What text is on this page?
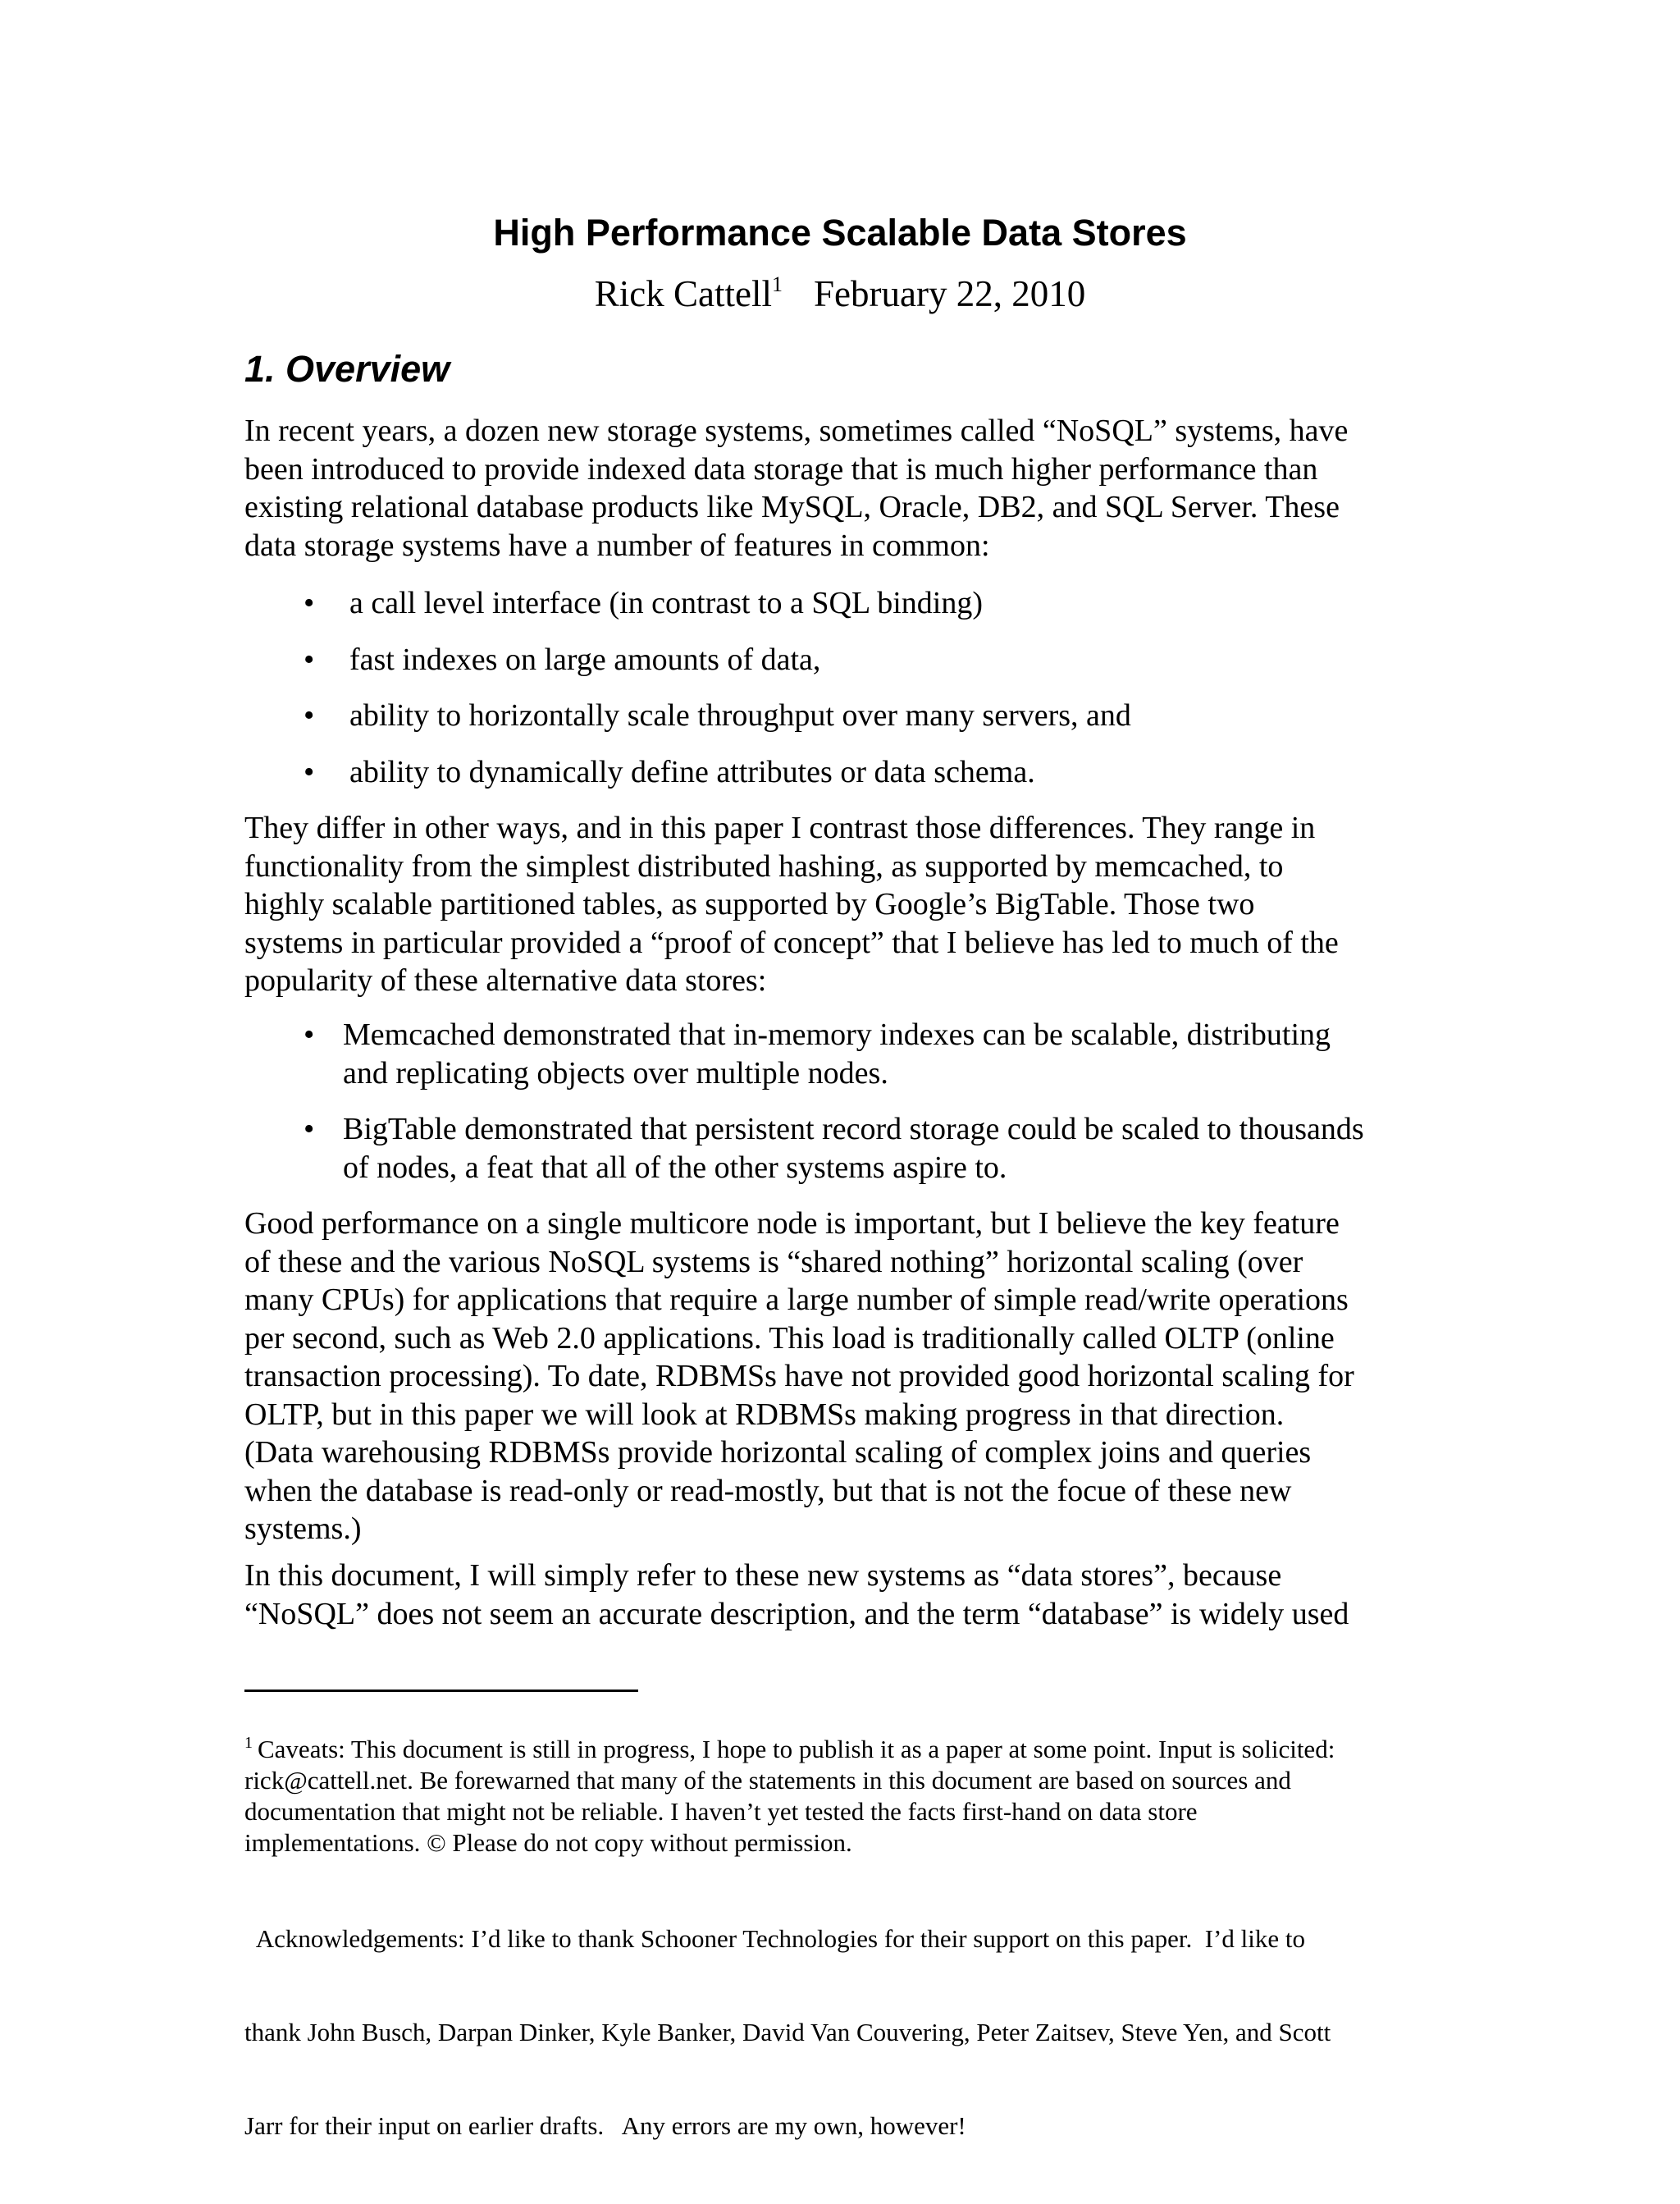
High Performance Scalable Data Stores
Rick Cattell$^1$ February 22, 2010
1. Overview
In recent years, a dozen new storage systems, sometimes called “NoSQL” systems, have
been introduced to provide indexed data storage that is much higher performance than
existing relational database products like MySQL, Oracle, DB2, and SQL Server. These
data storage systems have a number of features in common:
• a call level interface (in contrast to a SQL binding)
• fast indexes on large amounts of data,
• ability to horizontally scale throughput over many servers, and
• ability to dynamically define attributes or data schema.
They differ in other ways, and in this paper I contrast those differences. They range in
functionality from the simplest distributed hashing, as supported by memcached, to
highly scalable partitioned tables, as supported by Google’s BigTable. Those two
systems in particular provided a “proof of concept” that I believe has led to much of the
popularity of these alternative data stores:
• Memcached demonstrated that in-memory indexes can be scalable, distributing
and replicating objects over multiple nodes.
• BigTable demonstrated that persistent record storage could be scaled to thousands
of nodes, a feat that all of the other systems aspire to.
Good performance on a single multicore node is important, but I believe the key feature
of these and the various NoSQL systems is “shared nothing” horizontal scaling (over
many CPUs) for applications that require a large number of simple read/write operations
per second, such as Web 2.0 applications. This load is traditionally called OLTP (online
transaction processing). To date, RDBMSs have not provided good horizontal scaling for
OLTP, but in this paper we will look at RDBMSs making progress in that direction.
(Data warehousing RDBMSs provide horizontal scaling of complex joins and queries
when the database is read-only or read-mostly, but that is not the focue of these new
systems.)
In this document, I will simply refer to these new systems as “data stores”, because
“NoSQL” does not seem an accurate description, and the term “database” is widely used
$^1$ Caveats: This document is still in progress, I hope to publish it as a paper at some point. Input is solicited:
rick@cattell.net. Be forewarned that many of the statements in this document are based on sources and
documentation that might not be reliable. I haven’t yet tested the facts first-hand on data store
implementations. © Please do not copy without permission.

Acknowledgements: I’d like to thank Schooner Technologies for their support on this paper.  I’d like to

thank John Busch, Darpan Dinker, Kyle Banker, David Van Couvering, Peter Zaitsev, Steve Yen, and Scott

Jarr for their input on earlier drafts.   Any errors are my own, however!
